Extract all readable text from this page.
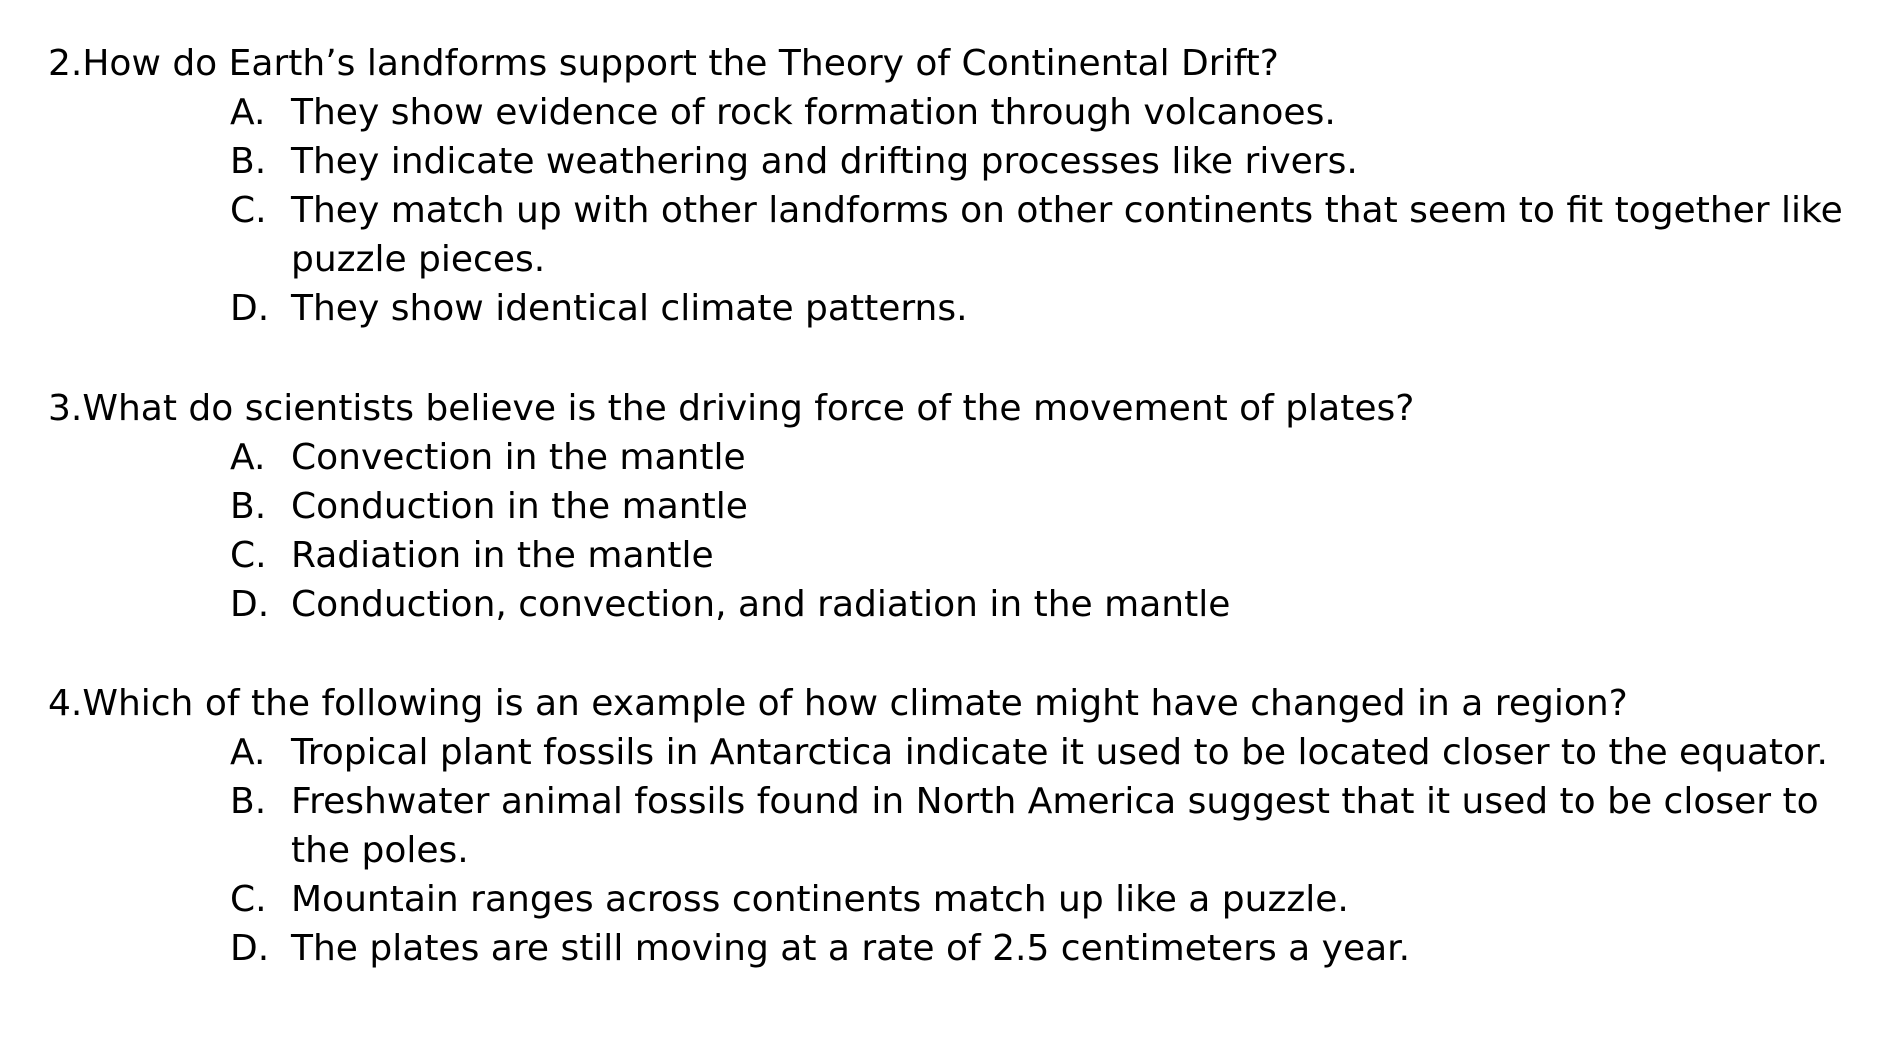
2.How do Earth’s landforms support the Theory of Continental Drift?
A. They show evidence of rock formation through volcanoes.
B. They indicate weathering and drifting processes like rivers.
C. They match up with other landforms on other continents that seem to fit together like puzzle pieces.
D. They show identical climate patterns.
3.What do scientists believe is the driving force of the movement of plates?
A. Convection in the mantle
B. Conduction in the mantle
C. Radiation in the mantle
D. Conduction, convection, and radiation in the mantle
4.Which of the following is an example of how climate might have changed in a region?
A. Tropical plant fossils in Antarctica indicate it used to be located closer to the equator.
B. Freshwater animal fossils found in North America suggest that it used to be closer to the poles.
C. Mountain ranges across continents match up like a puzzle.
D. The plates are still moving at a rate of 2.5 centimeters a year.
